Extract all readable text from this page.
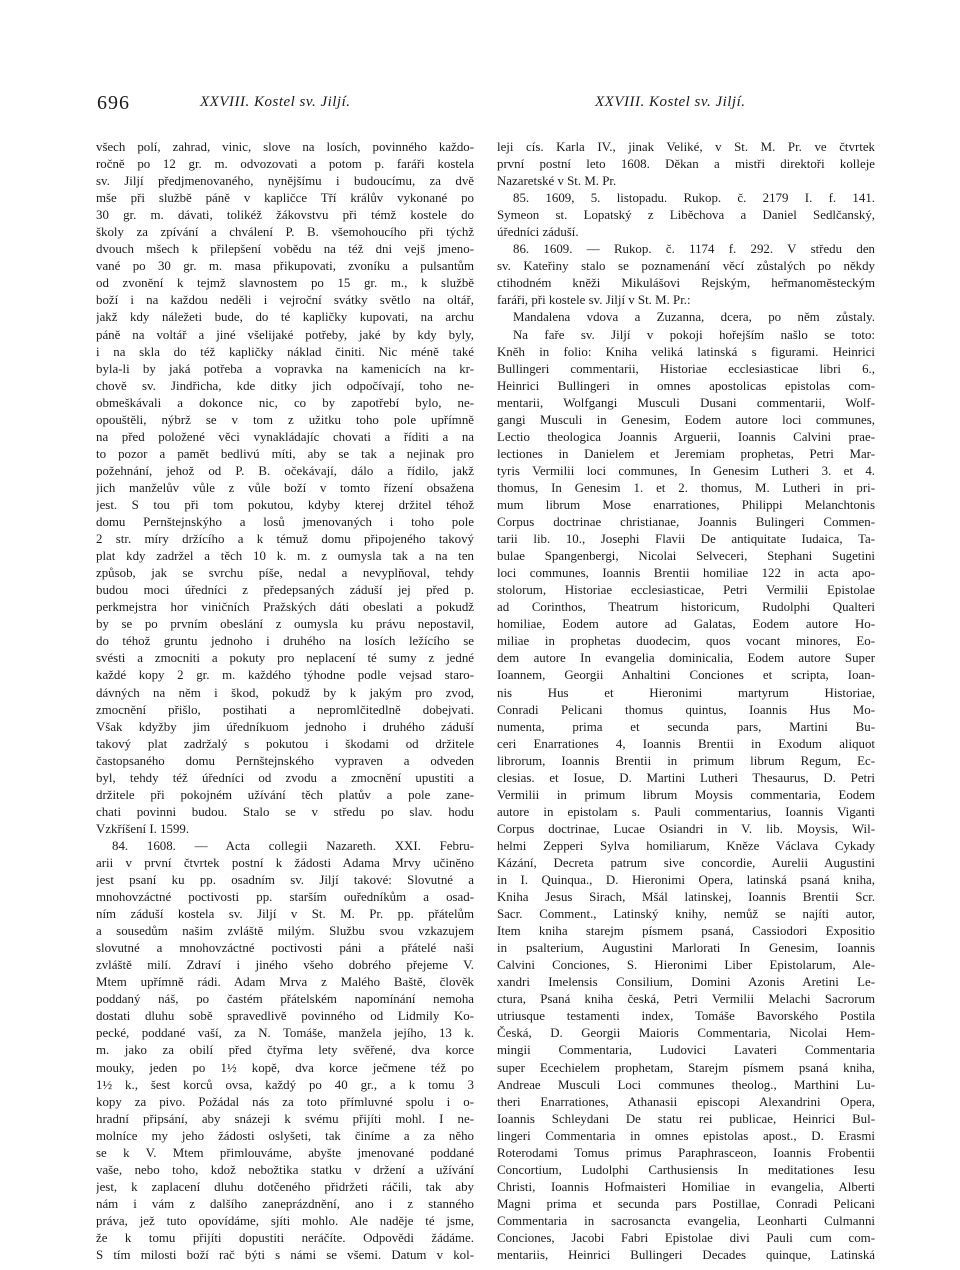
696	XXVIII. Kostel sv. Jiljí.	XXVIII. Kostel sv. Jiljí.
všech polí, zahrad, vinic, slove na losích, povinného každo-
ročně po 12 gr. m. odvozovati a potom p. faráři kostela
sv. Jiljí předjmenovaného, nynějšímu i budoucímu, za dvě
mše při službě páně v kapličce Tří králův vykonané po
30 gr. m. dávati, tolikéž žákovstvu při témž kostele do
školy za zpívání a chválení P. B. všemohoucího při týchž
dvouch mšech k přilepšení vobědu na též dni vejš jmeno-
vané po 30 gr. m. masa přikupovati, zvoníku a pulsantům
od zvonění k tejmž slavnostem po 15 gr. m., k službě
boží i na každou neděli i vejroční svátky světlo na oltář,
jakž kdy náležeti bude, do té kapličky kupovati, na archu
páně na voltář a jiné všelijaké potřeby, jaké by kdy byly,
i na skla do též kapličky náklad činiti. Nic méně také
byla-li by jaká potřeba a vopravka na kamenicích na kr-
chově sv. Jindřicha, kde ditky jich odpočívají, toho ne-
obmeškávali a dokonce nic, co by zapotřebí bylo, ne-
opouštěli, nýbrž se v tom z užitku toho pole upřímně
na před položené věci vynakládajíc chovati a říditi a na
to pozor a pamět bedlivú míti, aby se tak a nejinak pro
požehnání, jehož od P. B. očekávají, dálo a řídilo, jakž
jich manželův vůle z vůle boží v tomto řízení obsažena
jest. S tou při tom pokutou, kdyby kterej držitel téhož
domu Pernštejnskýho a losů jmenovaných i toho pole
2 str. míry držícího a k témuž domu připojeného takový
plat kdy zadržel a těch 10 k. m. z oumysla tak a na ten
způsob, jak se svrchu píše, nedal a nevyplňoval, tehdy
budou moci úředníci z předepsaných záduší jej před p.
perkmejstra hor viničních Pražských dáti obeslati a pokudž
by se po prvním obeslání z oumysla ku právu nepostavil,
do téhož gruntu jednoho i druhého na losích ležícího se
svésti a zmocniti a pokuty pro neplacení té sumy z jedné
každé kopy 2 gr. m. každého týhodne podle vejsad staro-
dávných na něm i škod, pokudž by k jakým pro zvod,
zmocnění přišlo, postihati a nepromlčitedlně dobejvati.
Však kdyžby jim úředníkuom jednoho i druhého záduší
takový plat zadržalý s pokutou i škodami od držitele
častopsaného domu Pernštejnského vypraven a odveden
byl, tehdy též úředníci od zvodu a zmocnění upustiti a
držitele při pokojném užívání těch platův a pole zane-
chati povinni budou. Stalo se v středu po slav. hodu
Vzkříšení I. 1599.
84. 1608. — Acta collegii Nazareth. XXI. Febru-
arii v první čtvrtek postní k žádosti Adama Mrvy učiněno
jest psaní ku pp. osadním sv. Jiljí takové: Slovutné a
mnohovzáctné poctivosti pp. starším ouředníkům a osad-
ním záduší kostela sv. Jiljí v St. M. Pr. pp. přátelům
a sousedům našim zvláště milým. Službu svou vzkazujem
slovutné a mnohovzáctné poctivosti páni a přátelé naši
zvláště milí. Zdraví i jiného všeho dobrého přejeme V.
Mtem upřímně rádi. Adam Mrva z Malého Baště, člověk
poddaný náš, po častém přátelském napomínání nemoha
dostati dluhu sobě spravedlivě povinného od Lidmily Ko-
pecké, poddané vaší, za N. Tomáše, manžela jejího, 13 k.
m. jako za obilí před čtyřma lety svěřené, dva korce
mouky, jeden po 1½ kopě, dva korce ječmene též po
1½ k., šest korců ovsa, každý po 40 gr., a k tomu 3
kopy za pivo. Požádal nás za toto přímluvné spolu i o-
hradní připsání, aby snázeji k svému přijíti mohl. I ne-
molníce my jeho žádosti oslyšeti, tak činíme a za něho
se k V. Mtem přimlouváme, abyšte jmenované poddané
vaše, nebo toho, kdož nebožtika statku v držení a užívání
jest, k zaplacení dluhu dotčeného přidržeti ráčili, tak aby
nám i vám z dalšího zaneprázdnění, ano i z stanného
práva, jež tuto opovídáme, sjíti mohlo. Ale naděje té jsme,
že k tomu přijíti dopustiti neráčíte. Odpovědi žádáme.
S tím milosti boží rač býti s námi se všemi. Datum v kol-
leji cís. Karla IV., jinak Veliké, v St. M. Pr. ve čtvrtek
první postní leto 1608. Děkan a mistři direktoři kolleje
Nazaretské v St. M. Pr.
85. 1609, 5. listopadu. Rukop. č. 2179 I. f. 141.
Symeon st. Lopatský z Liběchova a Daniel Sedlčanský,
úředníci záduší.
86. 1609. — Rukop. č. 1174 f. 292. V středu den
sv. Kateřiny stalo se poznamenání věcí zůstalých po někdy
ctihodném kněži Mikulášovi Rejským, heřmanoměsteckým
faráři, při kostele sv. Jiljí v St. M. Pr.:
Mandalena vdova a Zuzanna, dcera, po něm zůstaly.
Na faře sv. Jiljí v pokoji hořejším našlo se toto:
Kněh in folio: Kniha veliká latinská s figurami. Heinrici
Bullingeri commentarii, Historiae ecclesiasticae libri 6.,
Heinrici Bullingeri in omnes apostolicas epistolas com-
mentarii, Wolfgangi Musculi Dusani commentarii, Wolf-
gangi Musculi in Genesim, Eodem autore loci communes,
Lectio theologica Joannis Arguerii, Ioannis Calvini prae-
lectiones in Danielem et Jeremiam prophetas, Petri Mar-
tyris Vermilii loci communes, In Genesim Lutheri 3. et 4.
thomus, In Genesim 1. et 2. thomus, M. Lutheri in pri-
mum librum Mose enarrationes, Philippi Melanchtonis
Corpus doctrinae christianae, Joannis Bulingeri Commen-
tarii lib. 10., Josephi Flavii De antiquitate Iudaica, Ta-
bulae Spangenbergi, Nicolai Selveceri, Stephani Sugetini
loci communes, Ioannis Brentii homiliae 122 in acta apo-
stolorum, Historiae ecclesiasticae, Petri Vermilii Epistolae
ad Corinthos, Theatrum historicum, Rudolphi Qualteri
homiliae, Eodem autore ad Galatas, Eodem autore Ho-
miliae in prophetas duodecim, quos vocant minores, Eo-
dem autore In evangelia dominicalia, Eodem autore Super
Ioannem, Georgii Anhaltini Conciones et scripta, Ioan-
nis Hus et Hieronimi martyrum Historiae,
Conradi Pelicani thomus quintus, Ioannis Hus Mo-
numenta, prima et secunda pars, Martini Bu-
ceri Enarrationes 4, Ioannis Brentii in Exodum aliquot
librorum, Ioannis Brentii in primum librum Regum, Ec-
clesias. et Iosue, D. Martini Lutheri Thesaurus, D. Petri
Vermilii in primum librum Moysis commentaria, Eodem
autore in epistolam s. Pauli commentarius, Ioannis Viganti
Corpus doctrinae, Lucae Osiandri in V. lib. Moysis, Wil-
helmi Zepperi Sylva homiliarum, Kněze Václava Cykady
Kázání, Decreta patrum sive concordie, Aurelii Augustini
in I. Quinqua., D. Hieronimi Opera, latinská psaná kniha,
Kniha Jesus Sirach, Mšál latinskej, Ioannis Brentii Scr.
Sacr. Comment., Latinský knihy, nemůž se najíti autor,
Item kniha starejm písmem psaná, Cassiodori Expositio
in psalterium, Augustini Marlorati In Genesim, Ioannis
Calvini Conciones, S. Hieronimi Liber Epistolarum, Ale-
xandri Imelensis Consilium, Domini Azonis Aretini Le-
ctura, Psaná kniha česká, Petri Vermilii Melachi Sacrorum
utriusque testamenti index, Tomáše Bavorského Postila
Česká, D. Georgii Maioris Commentaria, Nicolai Hem-
mingii Commentaria, Ludovici Lavateri Commentaria
super Ecechielem prophetam, Starejm písmem psaná kniha,
Andreae Musculi Loci communes theolog., Marthini Lu-
theri Enarrationes, Athanasii episcopi Alexandrini Opera,
Ioannis Schleydani De statu rei publicae, Heinrici Bul-
lingeri Commentaria in omnes epistolas apost., D. Erasmi
Roterodami Tomus primus Paraphrasceon, Ioannis Frobentii
Concortium, Ludolphi Carthusiensis In meditationes Iesu
Christi, Ioannis Hofmaisteri Homiliae in evangelia, Alberti
Magni prima et secunda pars Postillae, Conradi Pelicani
Commentaria in sacrosancta evangelia, Leonharti Culmanni
Conciones, Jacobi Fabri Epistolae divi Pauli cum com-
mentariis, Heinrici Bullingeri Decades quinque, Latinská
